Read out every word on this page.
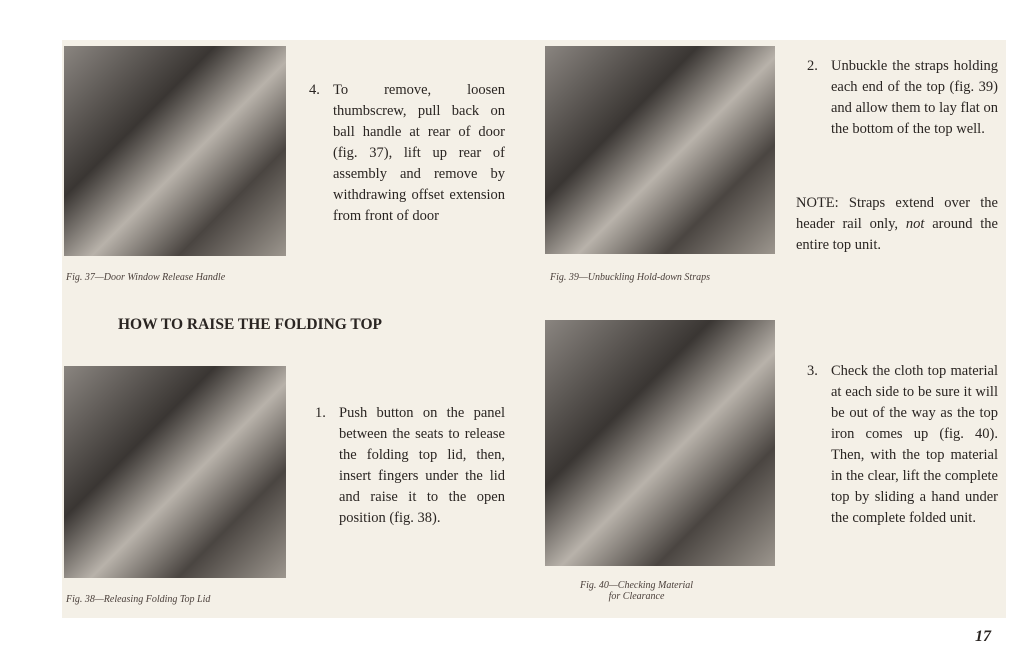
Fig. 37—Door Window Release Handle
4. To remove, loosen thumbscrew, pull back on ball handle at rear of door (fig. 37), lift up rear of assembly and remove by withdrawing offset extension from front of door
Fig. 39—Unbuckling Hold-down Straps
2. Unbuckle the straps holding each end of the top (fig. 39) and allow them to lay flat on the bottom of the top well.
NOTE: Straps extend over the header rail only, not around the entire top unit.
HOW TO RAISE THE FOLDING TOP
Fig. 38—Releasing Folding Top Lid
1. Push button on the panel between the seats to release the folding top lid, then, insert fingers under the lid and raise it to the open position (fig. 38).
Fig. 40—Checking Material
for Clearance
3. Check the cloth top material at each side to be sure it will be out of the way as the top iron comes up (fig. 40). Then, with the top material in the clear, lift the complete top by sliding a hand under the complete folded unit.
17
